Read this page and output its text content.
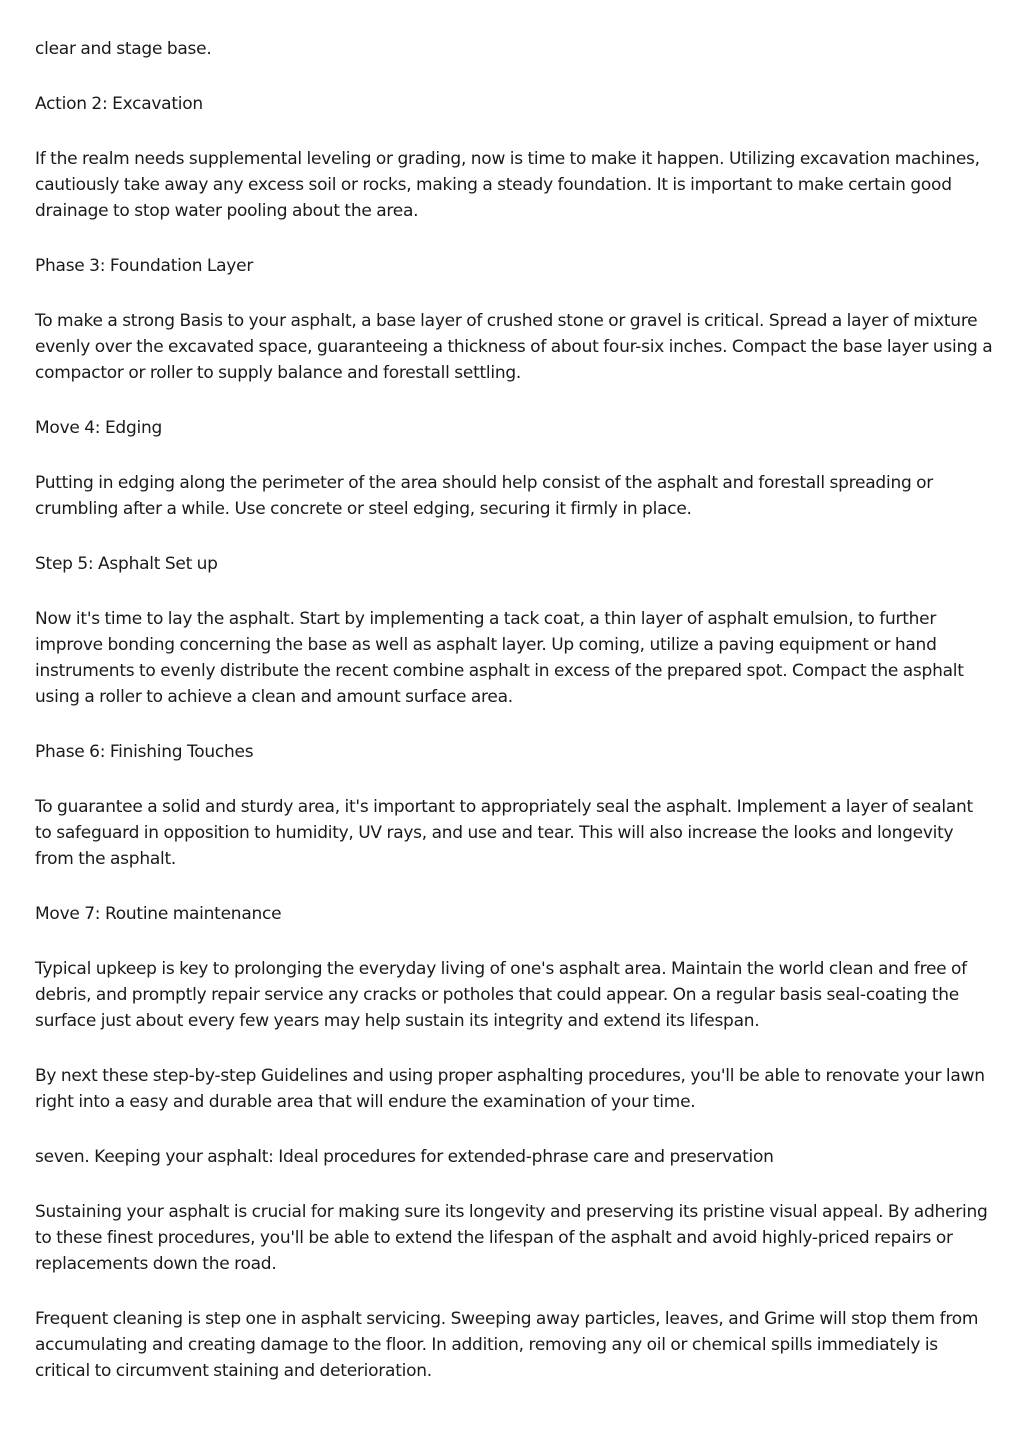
clear and stage base.

Action 2: Excavation

If the realm needs supplemental leveling or grading, now is time to make it happen. Utilizing excavation machines, cautiously take away any excess soil or rocks, making a steady foundation. It is important to make certain good drainage to stop water pooling about the area.

Phase 3: Foundation Layer

To make a strong Basis to your asphalt, a base layer of crushed stone or gravel is critical. Spread a layer of mixture evenly over the excavated space, guaranteeing a thickness of about four-six inches. Compact the base layer using a compactor or roller to supply balance and forestall settling.

Move 4: Edging

Putting in edging along the perimeter of the area should help consist of the asphalt and forestall spreading or crumbling after a while. Use concrete or steel edging, securing it firmly in place.

Step 5: Asphalt Set up

Now it's time to lay the asphalt. Start by implementing a tack coat, a thin layer of asphalt emulsion, to further improve bonding concerning the base as well as asphalt layer. Up coming, utilize a paving equipment or hand instruments to evenly distribute the recent combine asphalt in excess of the prepared spot. Compact the asphalt using a roller to achieve a clean and amount surface area.

Phase 6: Finishing Touches

To guarantee a solid and sturdy area, it's important to appropriately seal the asphalt. Implement a layer of sealant to safeguard in opposition to humidity, UV rays, and use and tear. This will also increase the looks and longevity from the asphalt.

Move 7: Routine maintenance

Typical upkeep is key to prolonging the everyday living of one's asphalt area. Maintain the world clean and free of debris, and promptly repair service any cracks or potholes that could appear. On a regular basis seal-coating the surface just about every few years may help sustain its integrity and extend its lifespan.

By next these step-by-step Guidelines and using proper asphalting procedures, you'll be able to renovate your lawn right into a easy and durable area that will endure the examination of your time.

seven. Keeping your asphalt: Ideal procedures for extended-phrase care and preservation

Sustaining your asphalt is crucial for making sure its longevity and preserving its pristine visual appeal. By adhering to these finest procedures, you'll be able to extend the lifespan of the asphalt and avoid highly-priced repairs or replacements down the road.

Frequent cleaning is step one in asphalt servicing. Sweeping away particles, leaves, and Grime will stop them from accumulating and creating damage to the floor. In addition, removing any oil or chemical spills immediately is critical to circumvent staining and deterioration.
